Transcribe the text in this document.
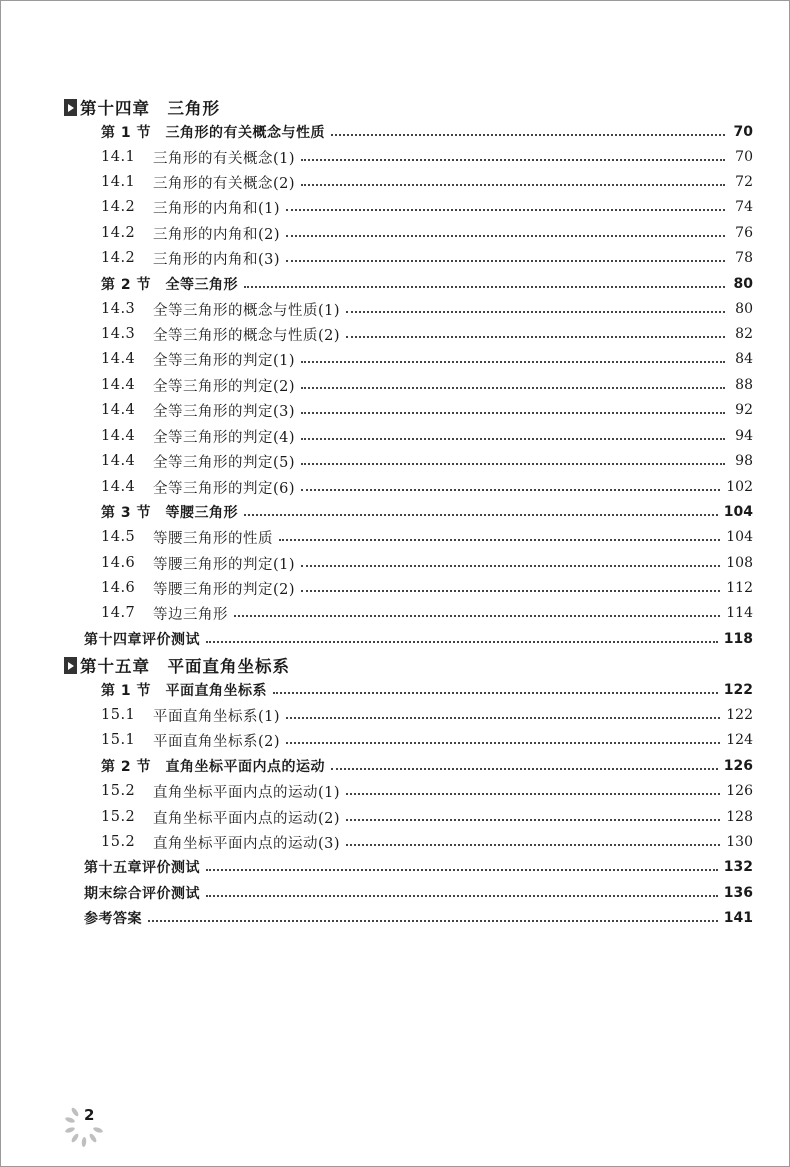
第十四章　三角形
第 1 节　三角形的有关概念与性质	70
14.1	三角形的有关概念(1)	70
14.1	三角形的有关概念(2)	72
14.2	三角形的内角和(1)	74
14.2	三角形的内角和(2)	76
14.2	三角形的内角和(3)	78
第 2 节　全等三角形	80
14.3	全等三角形的概念与性质(1)	80
14.3	全等三角形的概念与性质(2)	82
14.4	全等三角形的判定(1)	84
14.4	全等三角形的判定(2)	88
14.4	全等三角形的判定(3)	92
14.4	全等三角形的判定(4)	94
14.4	全等三角形的判定(5)	98
14.4	全等三角形的判定(6)	102
第 3 节　等腰三角形	104
14.5	等腰三角形的性质	104
14.6	等腰三角形的判定(1)	108
14.6	等腰三角形的判定(2)	112
14.7	等边三角形	114
第十四章评价测试	118
第十五章　平面直角坐标系
第 1 节　平面直角坐标系	122
15.1	平面直角坐标系(1)	122
15.1	平面直角坐标系(2)	124
第 2 节　直角坐标平面内点的运动	126
15.2	直角坐标平面内点的运动(1)	126
15.2	直角坐标平面内点的运动(2)	128
15.2	直角坐标平面内点的运动(3)	130
第十五章评价测试	132
期末综合评价测试	136
参考答案	141
2
